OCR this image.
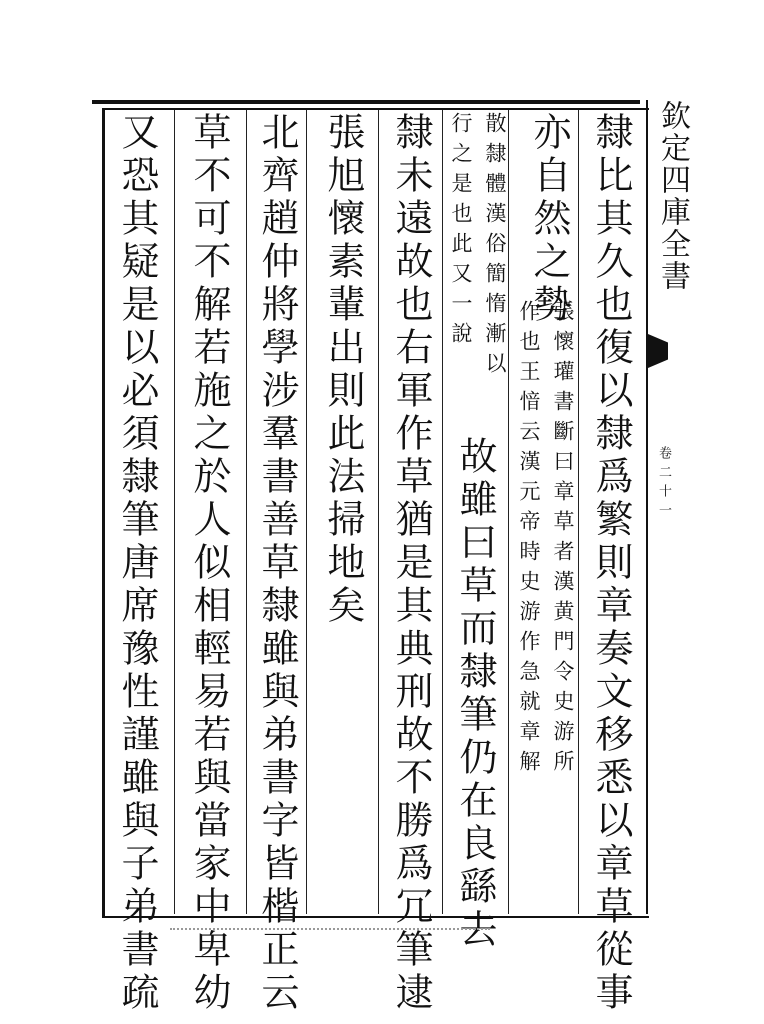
欽定四庫全書
卷二十一
隸比其久也復以隸爲繁則章奏文移悉以章草從事
亦自然之勢
張懷瓘書斷曰章草者漢黄門令史游所
作也王愔云漢元帝時史游作急就章解
散隸體漢俗簡惰漸以
故雖曰草而隸筆仍在良繇去
行之是也此又一說
隸未遠故也右軍作草猶是其典刑故不勝爲冗筆逮
張旭懷素輩出則此法掃地矣
北齊趙仲將學涉羣書善草隸雖與弟書字皆楷正云
草不可不解若施之於人似相輕易若與當家中卑幼
又恐其疑是以必須隸筆唐席豫性謹雖與子弟書疏
